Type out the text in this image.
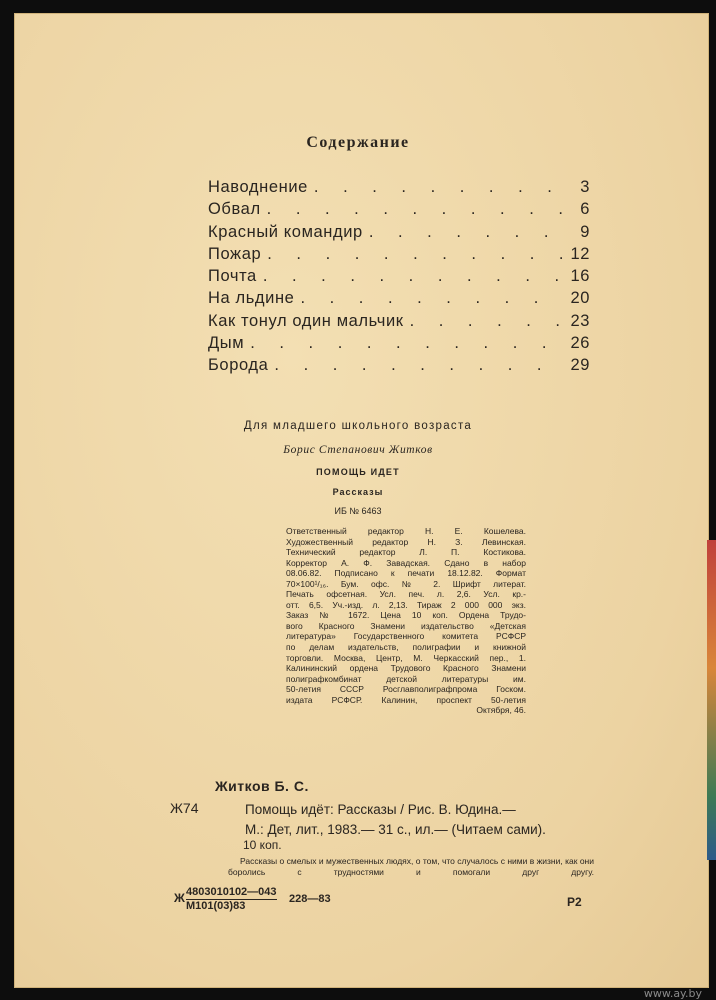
Содержание
Наводнение . . .	3
Обвал . . .	6
Красный командир . . .	9
Пожар . . .	12
Почта . . .	16
На льдине . . .	20
Как тонул один мальчик . . .	23
Дым . . .	26
Борода . . .	29
Для младшего школьного возраста
Борис Степанович Житков
ПОМОЩЬ ИДЕТ
Рассказы
ИБ № 6463
Ответственный редактор Н. Е. Кошелева.
Художественный редактор Н. З. Левинская.
Технический редактор Л. П. Костикова.
Корректор А. Ф. Завадская. Сдано в набор
08.06.82. Подписано к печати 18.12.82. Формат
70×100¹/₁₆. Бум. офс. № 2. Шрифт литерат.
Печать офсетная. Усл. печ. л. 2,6. Усл. кр.-
отт. 6,5. Уч.-изд. л. 2,13. Тираж 2 000 000 экз.
Заказ № 1672. Цена 10 коп. Ордена Трудо-
вого Красного Знамени издательство «Детская
литература» Государственного комитета РСФСР
по делам издательств, полиграфии и книжной
торговли. Москва, Центр, М. Черкасский пер., 1.
Калининский ордена Трудового Красного Знамени
полиграфкомбинат детской литературы им.
50-летия СССР Росглавполиграфпрома Госком.
издата РСФСР. Калинин, проспект 50-летия
Октября, 46.
Житков Б. С.
Ж74	Помощь идёт: Рассказы / Рис. В. Юдина.—
М.: Дет, лит., 1983.— 31 с., ил.— (Читаем сами).
10 коп.
Рассказы о смелых и мужественных людях, о том, что случалось с ними в жизни, как они боролись с трудностями и помогали друг другу.
Ж 4803010102—043
М101(03)83
228—83	Р2
www.ay.by
